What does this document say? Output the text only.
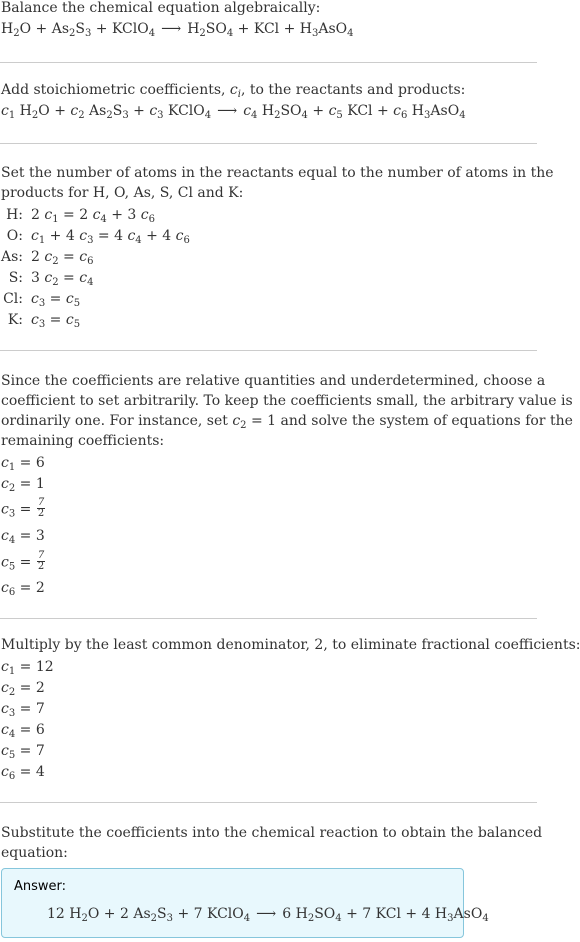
Balance the chemical equation algebraically:
$H_2O + As_2S_3$ + KClO$_4$ ⟶ $H_2SO_4$ + KCl + $H_3AsO_4$
Add stoichiometric coefficients, $c_i$, to the reactants and products:
$c_1$ $H_2O + c_2$ $As_2S_3 + c_3$ KClO$_4$ ⟶ $c_4$ $H_2SO_4 + c_5$ KCl + $c_6$ $H_3AsO_4$
Set the number of atoms in the reactants equal to the number of atoms in the
products for H, O, As, S, Cl and K:
H: 2 $c_1 = 2$ $c_4 + 3$ $c_6$
O: $c_1 + 4$ $c_3 = 4$ $c_4 + 4$ $c_6$
As: 2 $c_2 = c_6$
S: 3 $c_2 = c_4$
Cl: $c_3 = c_5$
K: $c_3 = c_5$
Since the coefficients are relative quantities and underdetermined, choose a
coefficient to set arbitrarily. To keep the coefficients small, the arbitrary value is
ordinarily one. For instance, set $c_2 = 1$ and solve the system of equations for the
remaining coefficients:
$c_1 = 6$
$c_2 = 1$
$c_3 = \frac{7}{2}$
$c_4 = 3$
$c_5 = \frac{7}{2}$
$c_6 = 2$
Multiply by the least common denominator, 2, to eliminate fractional coefficients:
$c_1 = 12$
$c_2 = 2$
$c_3 = 7$
$c_4 = 6$
$c_5 = 7$
$c_6 = 4$
Substitute the coefficients into the chemical reaction to obtain the balanced
equation:
Answer:
12 $H_2O + 2$ $As_2S_3 + 7$ KClO$_4$ ⟶ 6 $H_2SO_4 + 7$ KCl + 4 $H_3AsO_4$
